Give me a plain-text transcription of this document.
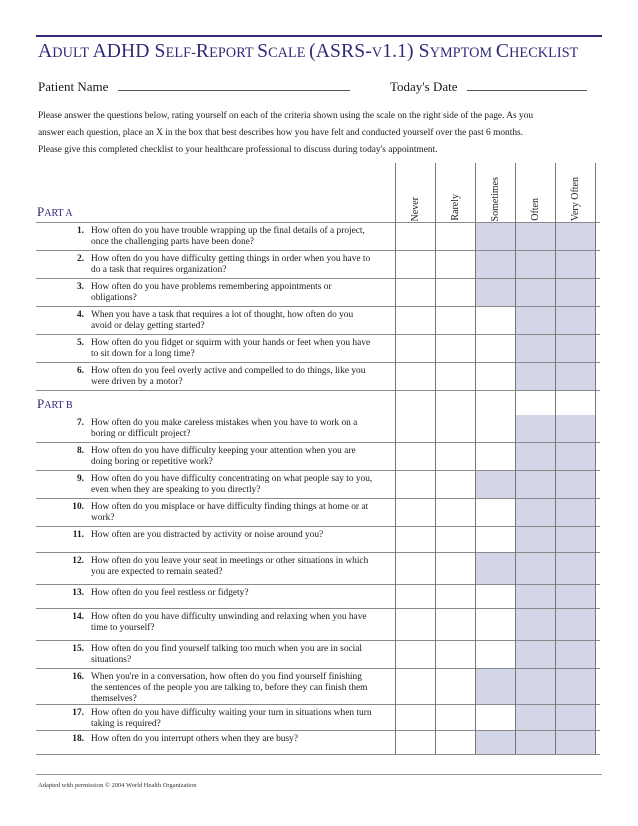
ADULT ADHD SELF-REPORT SCALE (ASRS-V1.1) SYMPTOM CHECKLIST
Patient Name	Today's Date
Please answer the questions below, rating yourself on each of the criteria shown using the scale on the right side of the page. As you
answer each question, place an X in the box that best describes how you have felt and conducted yourself over the past 6 months.
Please give this completed checklist to your healthcare professional to discuss during today's appointment.
Never	Rarely	Sometimes	Often	Very Often
PART A
1. How often do you have trouble wrapping up the final details of a project, once the challenging parts have been done?
2. How often do you have difficulty getting things in order when you have to do a task that requires organization?
3. How often do you have problems remembering appointments or obligations?
4. When you have a task that requires a lot of thought, how often do you avoid or delay getting started?
5. How often do you fidget or squirm with your hands or feet when you have to sit down for a long time?
6. How often do you feel overly active and compelled to do things, like you were driven by a motor?
7. How often do you make careless mistakes when you have to work on a boring or difficult project?
8. How often do you have difficulty keeping your attention when you are doing boring or repetitive work?
9. How often do you have difficulty concentrating on what people say to you, even when they are speaking to you directly?
10. How often do you misplace or have difficulty finding things at home or at work?
11. How often are you distracted by activity or noise around you?
12. How often do you leave your seat in meetings or other situations in which you are expected to remain seated?
13. How often do you feel restless or fidgety?
14. How often do you have difficulty unwinding and relaxing when you have time to yourself?
15. How often do you find yourself talking too much when you are in social situations?
16. When you're in a conversation, how often do you find yourself finishing the sentences of the people you are talking to, before they can finish them themselves?
17. How often do you have difficulty waiting your turn in situations when turn taking is required?
18. How often do you interrupt others when they are busy?
PART B
Adapted with permission © 2004 World Health Organization
